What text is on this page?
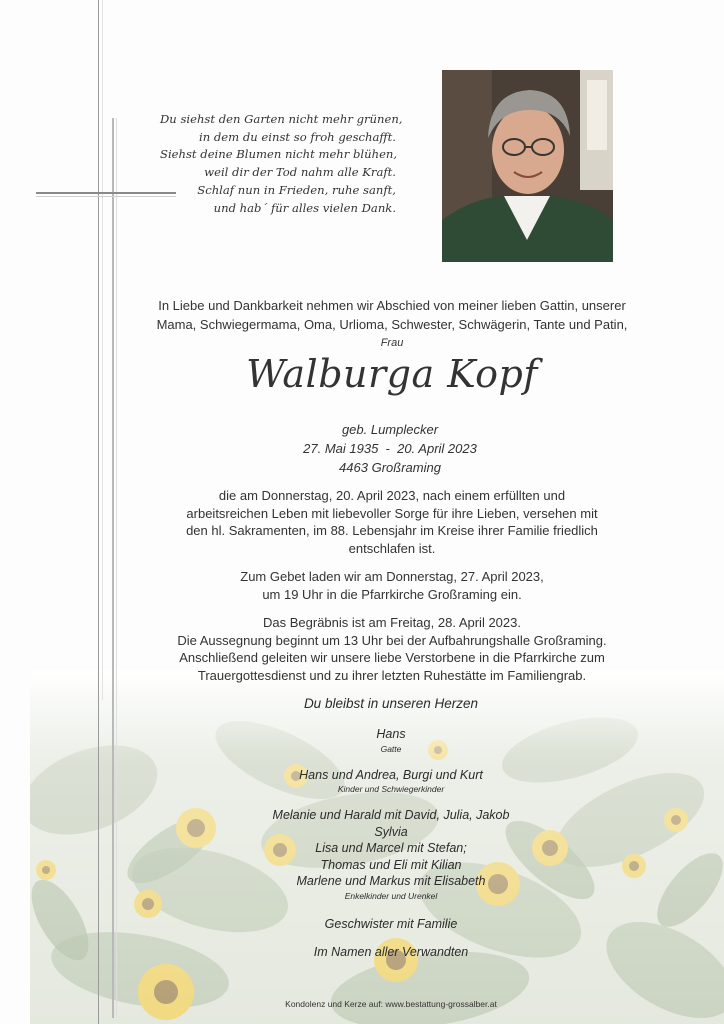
Du siehst den Garten nicht mehr grünen,
in dem du einst so froh geschafft.
Siehst deine Blumen nicht mehr blühen,
weil dir der Tod nahm alle Kraft.
Schlaf nun in Frieden, ruhe sanft,
und hab´ für alles vielen Dank.
In Liebe und Dankbarkeit nehmen wir Abschied von meiner lieben Gattin, unserer
Mama, Schwiegermama, Oma, Urlioma, Schwester, Schwägerin, Tante und Patin,
Frau
Walburga Kopf
geb. Lumplecker
27. Mai 1935  -  20. April 2023
4463 Großraming
die am Donnerstag, 20. April 2023, nach einem erfüllten und
arbeitsreichen Leben mit liebevoller Sorge für ihre Lieben, versehen mit
den hl. Sakramenten, im 88. Lebensjahr im Kreise ihrer Familie friedlich
entschlafen ist.
Zum Gebet laden wir am Donnerstag, 27. April 2023,
um 19 Uhr in die Pfarrkirche Großraming ein.
Das Begräbnis ist am Freitag, 28. April 2023.
Die Aussegnung beginnt um 13 Uhr bei der Aufbahrungshalle Großraming.
Anschließend geleiten wir unsere liebe Verstorbene in die Pfarrkirche zum
Trauergottesdienst und zu ihrer letzten Ruhestätte im Familiengrab.
Du bleibst in unseren Herzen
Hans
Gatte
Hans und Andrea, Burgi und Kurt
Kinder und Schwiegerkinder
Melanie und Harald mit David, Julia, Jakob
Sylvia
Lisa und Marcel mit Stefan;
Thomas und Eli mit Kilian
Marlene und Markus mit Elisabeth
Enkelkinder und Urenkel
Geschwister mit Familie
Im Namen aller Verwandten
Kondolenz und Kerze auf: www.bestattung-grossalber.at
